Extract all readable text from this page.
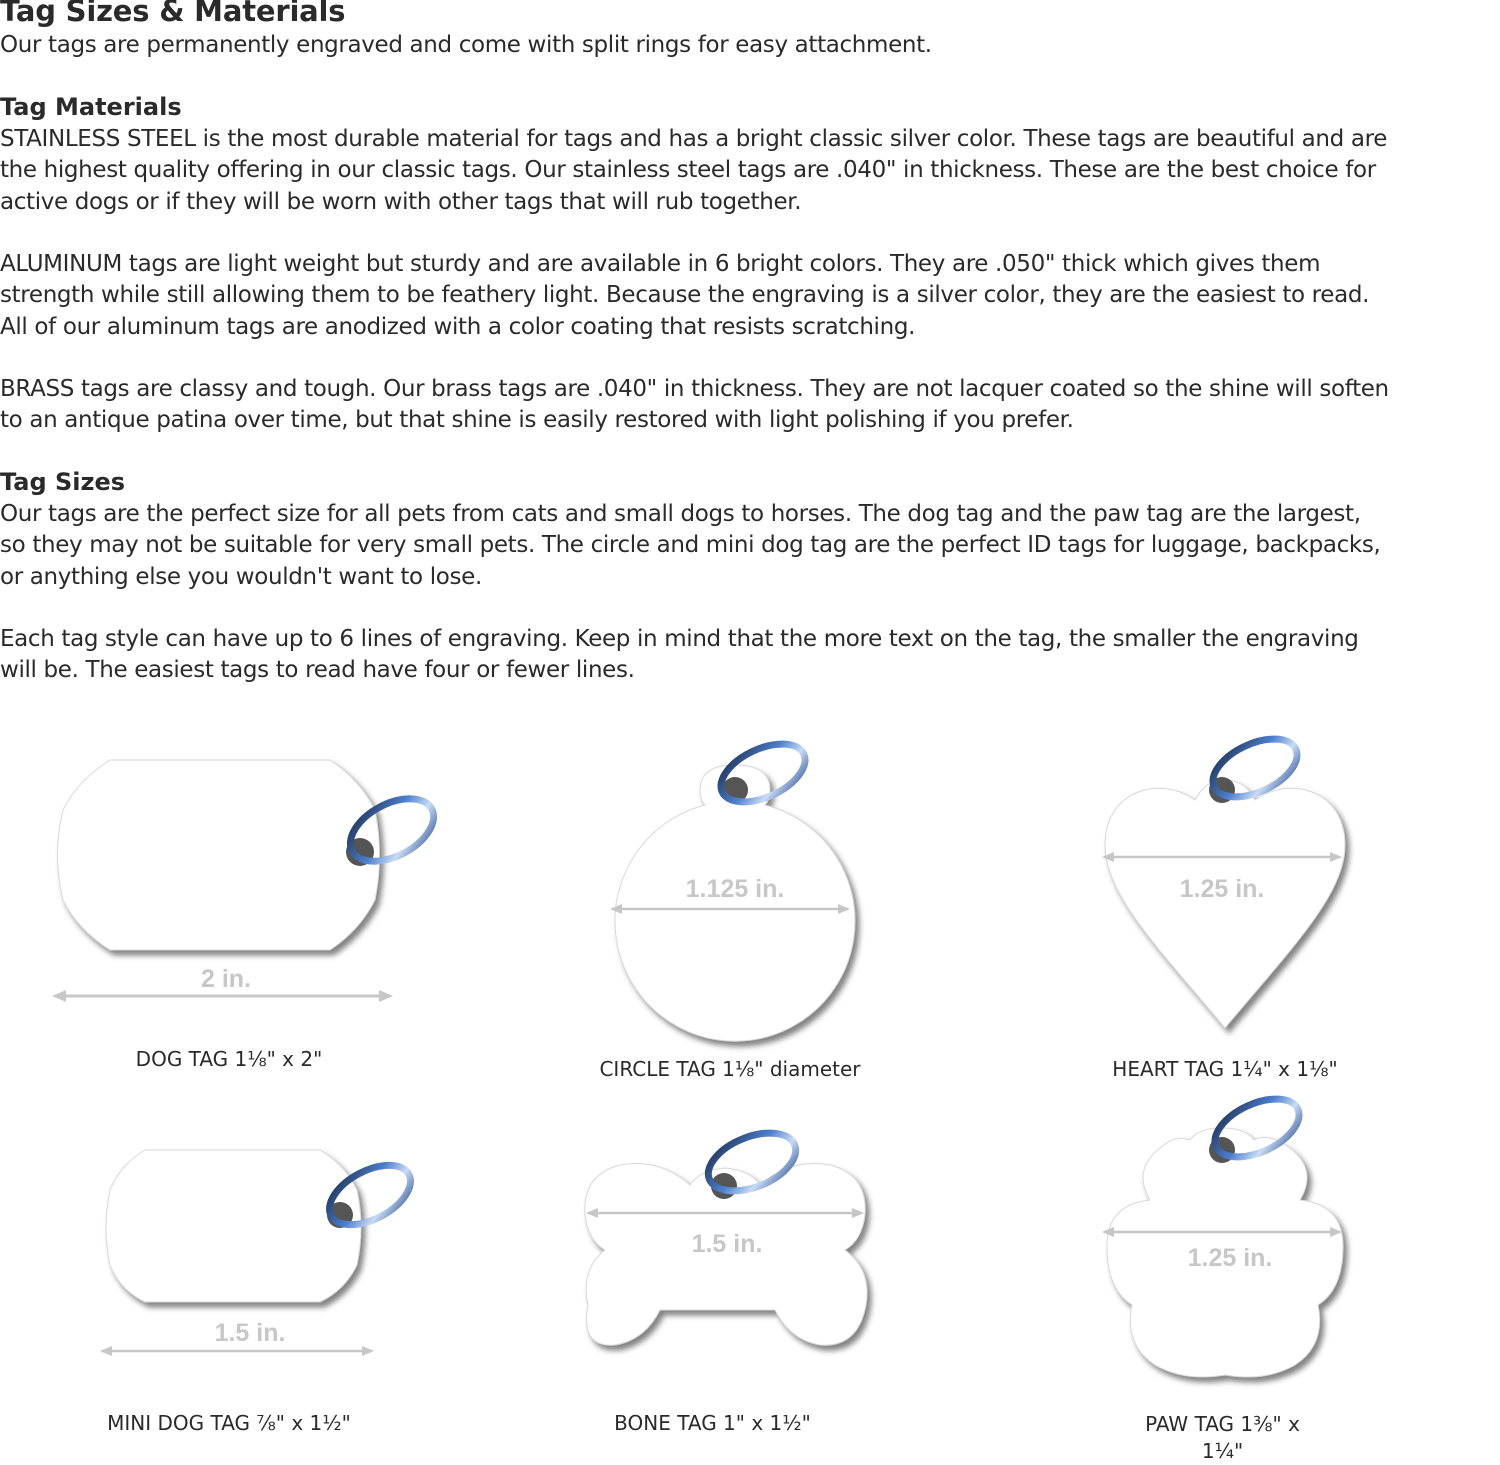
Tag Sizes & Materials
Our tags are permanently engraved and come with split rings for easy attachment.
Tag Materials
STAINLESS STEEL is the most durable material for tags and has a bright classic silver color. These tags are beautiful and are
the highest quality offering in our classic tags. Our stainless steel tags are .040" in thickness. These are the best choice for
active dogs or if they will be worn with other tags that will rub together.
ALUMINUM tags are light weight but sturdy and are available in 6 bright colors. They are .050" thick which gives them
strength while still allowing them to be feathery light. Because the engraving is a silver color, they are the easiest to read.
All of our aluminum tags are anodized with a color coating that resists scratching.
BRASS tags are classy and tough. Our brass tags are .040" in thickness. They are not lacquer coated so the shine will soften
to an antique patina over time, but that shine is easily restored with light polishing if you prefer.
Tag Sizes
Our tags are the perfect size for all pets from cats and small dogs to horses. The dog tag and the paw tag are the largest,
so they may not be suitable for very small pets. The circle and mini dog tag are the perfect ID tags for luggage, backpacks,
or anything else you wouldn't want to lose.
Each tag style can have up to 6 lines of engraving. Keep in mind that the more text on the tag, the smaller the engraving
will be. The easiest tags to read have four or fewer lines.
2 in.
1.125 in.	1.25 in.
1.5 in.
1.5 in.	1.25 in.
DOG TAG 1⅛" x 2"	CIRCLE TAG 1⅛" diameter	HEART TAG 1¼" x 1⅛"
MINI DOG TAG ⅞" x 1½"	BONE TAG 1" x 1½"	PAW TAG 1⅜" x 1¼"
